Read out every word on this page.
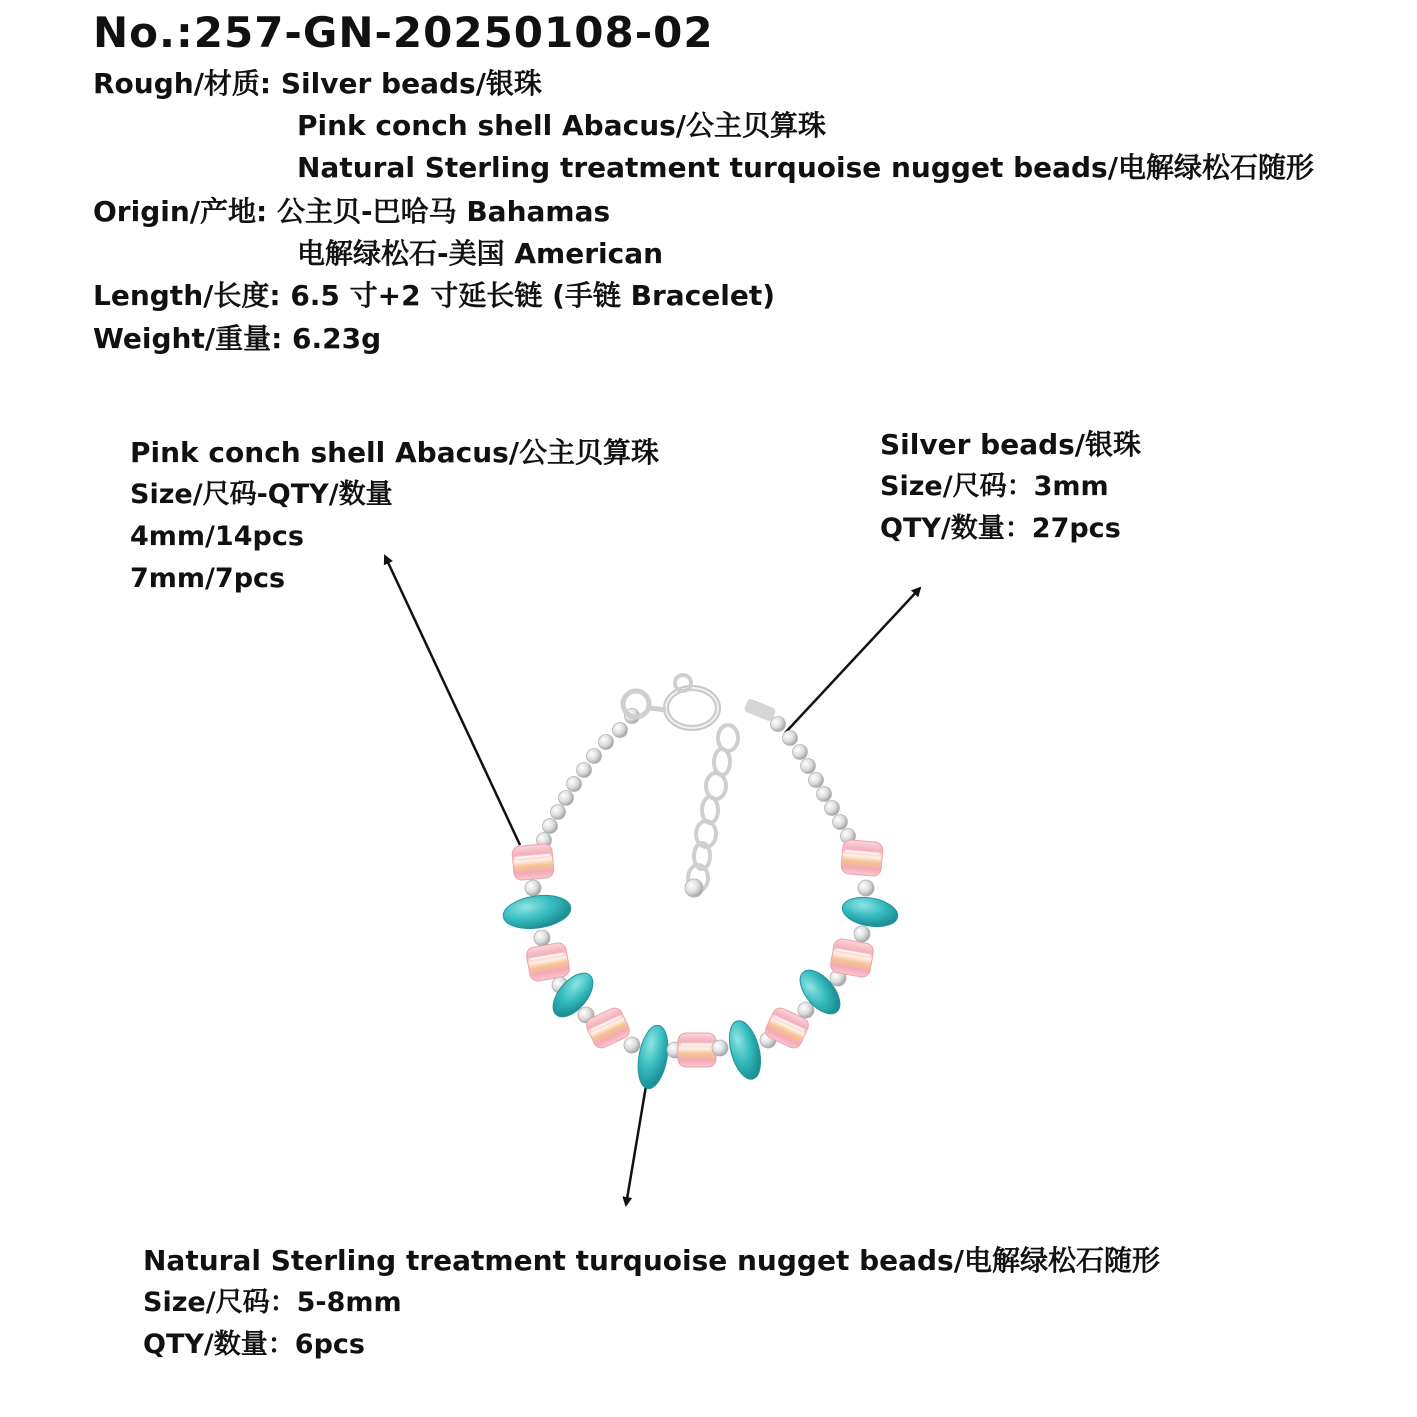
No.:257-GN-20250108-02
Rough/材质: Silver beads/银珠
Pink conch shell Abacus/公主贝算珠
Natural Sterling treatment turquoise nugget beads/电解绿松石随形
Origin/产地: 公主贝-巴哈马 Bahamas
电解绿松石-美国 American
Length/长度: 6.5 寸+2 寸延长链 (手链 Bracelet)
Weight/重量: 6.23g
Pink conch shell Abacus/公主贝算珠
Size/尺码-QTY/数量
4mm/14pcs
7mm/7pcs
Silver beads/银珠
Size/尺码：3mm
QTY/数量：27pcs
Natural Sterling treatment turquoise nugget beads/电解绿松石随形
Size/尺码：5-8mm
QTY/数量：6pcs
